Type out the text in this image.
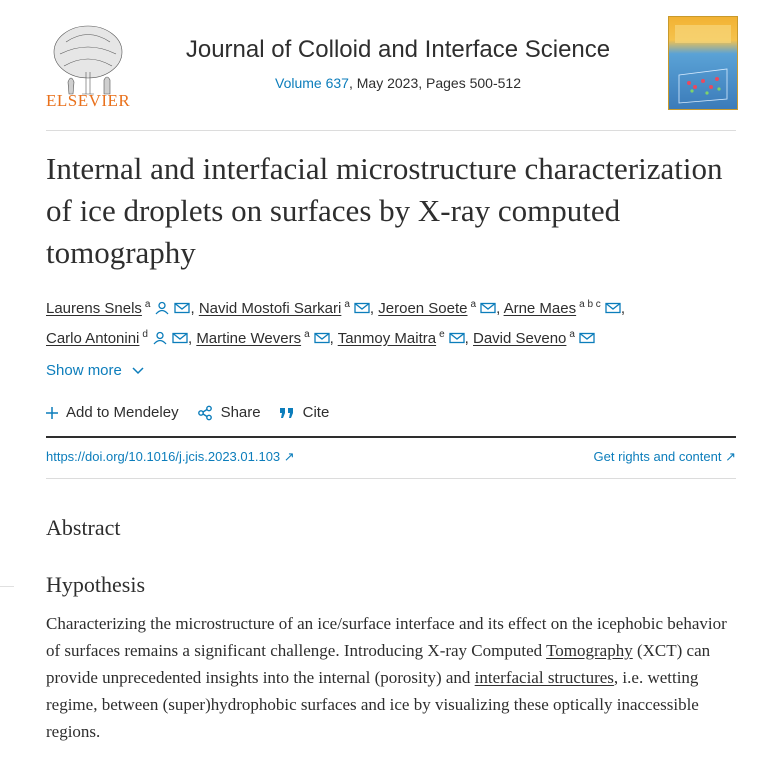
ELSEVIER
Journal of Colloid and Interface Science
Volume 637, May 2023, Pages 500-512
Internal and interfacial microstructure characterization of ice droplets on surfaces by X-ray computed tomography
Laurens Snels $^a$	, Navid Mostofi Sarkari $^a$ , Jeroen Soete $^a$ , Arne Maes $^{a b c}$ ,
Carlo Antonini $^d$	, Martine Wevers $^a$ , Tanmoy Maitra $^e$ , David Seveno $^a$
Show more
Add to Mendeley	Share	Cite
https://doi.org/10.1016/j.jcis.2023.01.103 ↗	Get rights and content ↗
Abstract
Hypothesis
Characterizing the microstructure of an ice/surface interface and its effect on the icephobic behavior of surfaces remains a significant challenge. Introducing X-ray Computed Tomography (XCT) can provide unprecedented insights into the internal (porosity) and interfacial structures, i.e. wetting regime, between (super)hydrophobic surfaces and ice by visualizing these optically inaccessible regions.
